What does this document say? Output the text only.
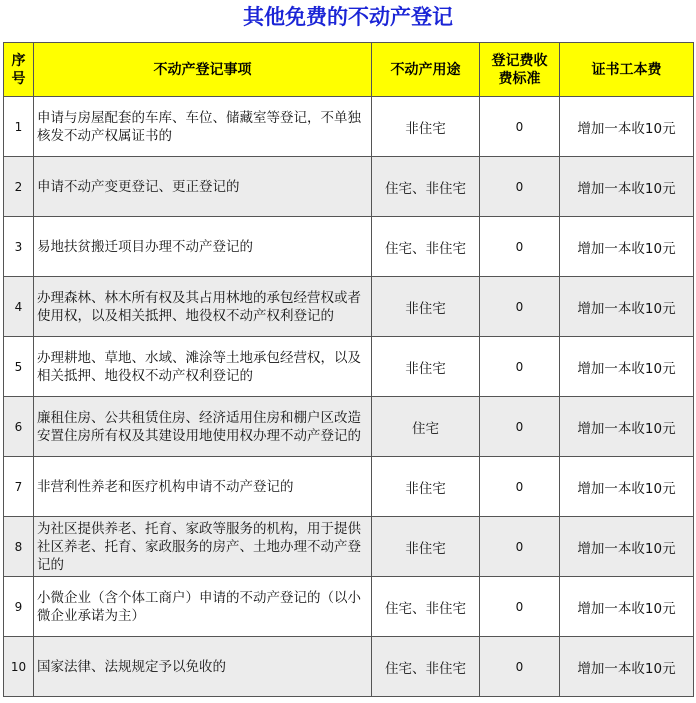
其他免费的不动产登记
序号	不动产登记事项	不动产用途	登记费收费标准	证书工本费
1	申请与房屋配套的车库、车位、储藏室等登记，不单独核发不动产权属证书的	非住宅	0	增加一本收10元
2	申请不动产变更登记、更正登记的	住宅、非住宅	0	增加一本收10元
3	易地扶贫搬迁项目办理不动产登记的	住宅、非住宅	0	增加一本收10元
4	办理森林、林木所有权及其占用林地的承包经营权或者使用权，以及相关抵押、地役权不动产权利登记的	非住宅	0	增加一本收10元
5	办理耕地、草地、水域、滩涂等土地承包经营权，以及相关抵押、地役权不动产权利登记的	非住宅	0	增加一本收10元
6	廉租住房、公共租赁住房、经济适用住房和棚户区改造安置住房所有权及其建设用地使用权办理不动产登记的	住宅	0	增加一本收10元
7	非营利性养老和医疗机构申请不动产登记的	非住宅	0	增加一本收10元
8	为社区提供养老、托育、家政等服务的机构，用于提供社区养老、托育、家政服务的房产、土地办理不动产登记的	非住宅	0	增加一本收10元
9	小微企业（含个体工商户）申请的不动产登记的（以小微企业承诺为主）	住宅、非住宅	0	增加一本收10元
10	国家法律、法规规定予以免收的	住宅、非住宅	0	增加一本收10元
